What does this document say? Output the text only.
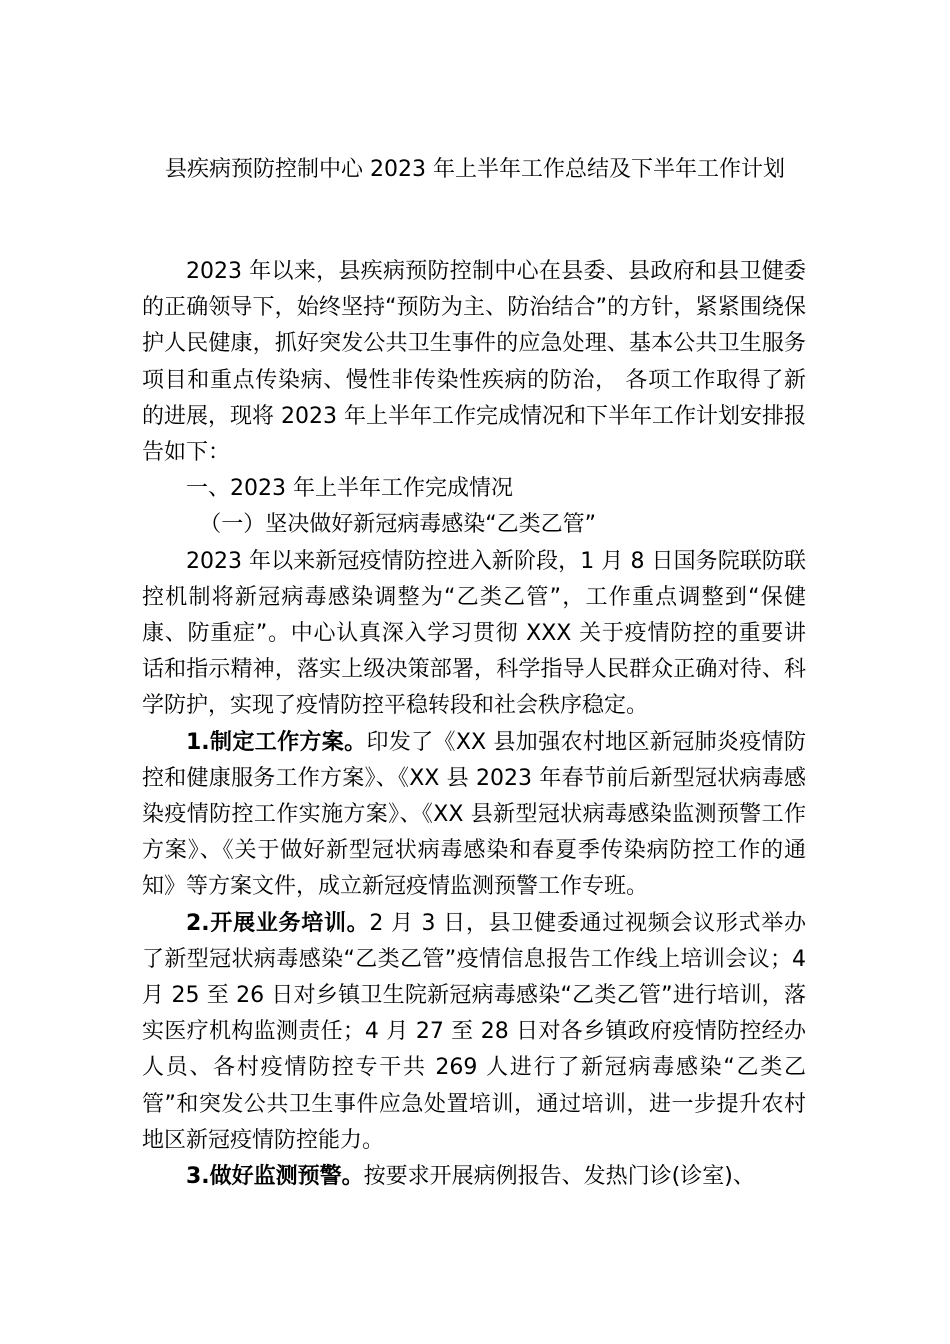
县疾病预防控制中心 2023 年上半年工作总结及下半年工作计划

2023 年以来，县疾病预防控制中心在县委、县政府和县卫健委的正确领导下，始终坚持“预防为主、防治结合”的方针，紧紧围绕保护人民健康，抓好突发公共卫生事件的应急处理、基本公共卫生服务项目和重点传染病、慢性非传染性疾病的防治， 各项工作取得了新的进展，现将 2023 年上半年工作完成情况和下半年工作计划安排报告如下：

一、2023 年上半年工作完成情况

（一）坚决做好新冠病毒感染“乙类乙管”

2023 年以来新冠疫情防控进入新阶段，1 月 8 日国务院联防联控机制将新冠病毒感染调整为“乙类乙管”，工作重点调整到“保健康、防重症”。中心认真深入学习贯彻 XXX 关于疫情防控的重要讲话和指示精神，落实上级决策部署，科学指导人民群众正确对待、科学防护，实现了疫情防控平稳转段和社会秩序稳定。

1.制定工作方案。印发了《XX 县加强农村地区新冠肺炎疫情防控和健康服务工作方案》、《XX 县 2023 年春节前后新型冠状病毒感染疫情防控工作实施方案》、《XX 县新型冠状病毒感染监测预警工作方案》、《关于做好新型冠状病毒感染和春夏季传染病防控工作的通知》等方案文件，成立新冠疫情监测预警工作专班。

2.开展业务培训。2 月 3 日，县卫健委通过视频会议形式举办了新型冠状病毒感染“乙类乙管”疫情信息报告工作线上培训会议；4 月 25 至 26 日对乡镇卫生院新冠病毒感染“乙类乙管”进行培训，落实医疗机构监测责任；4 月 27 至 28 日对各乡镇政府疫情防控经办人员、各村疫情防控专干共 269 人进行了新冠病毒感染“乙类乙管”和突发公共卫生事件应急处置培训，通过培训，进一步提升农村地区新冠疫情防控能力。

3.做好监测预警。按要求开展病例报告、发热门诊(诊室)、
